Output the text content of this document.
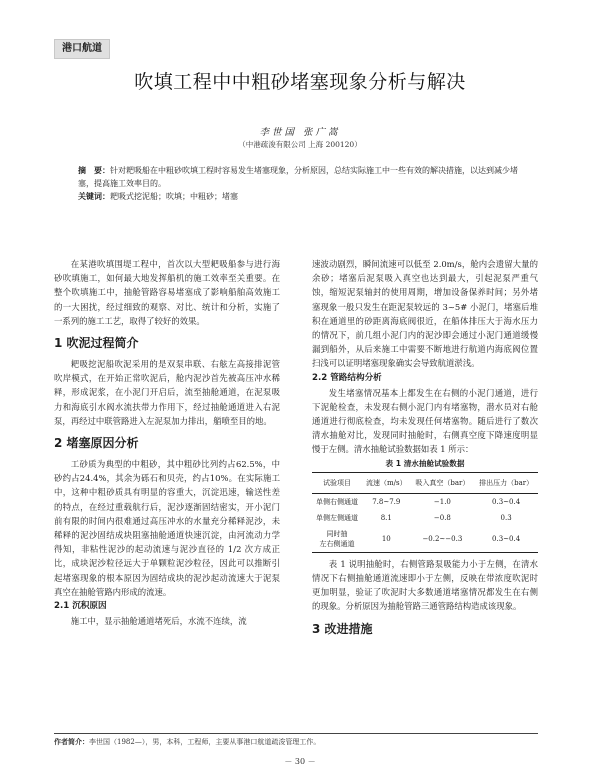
港口航道
吹填工程中中粗砂堵塞现象分析与解决
李世国 张广嵩
（中港疏浚有限公司 上海 200120）
摘　要：针对耙吸船在中粗砂吹填工程时容易发生堵塞现象，分析原因，总结实际施工中一些有效的解决措施，以达到减少堵塞，提高施工效率目的。
关键词：耙吸式挖泥船；吹填；中粗砂；堵塞

在某港吹填围堤工程中，首次以大型耙吸船参与进行海砂吹填施工，如何最大地发挥船机的施工效率至关重要。在整个吹填施工中，抽舱管路容易堵塞成了影响船舶高效施工的一大困扰，经过细致的观察、对比、统计和分析，实施了一系列的施工工艺，取得了较好的效果。

1 吹泥过程简介

耙吸挖泥船吹泥采用的是双泵串联、右舷左高接排泥管吹岸模式，在开始正常吹泥后，舱内泥沙首先被高压冲水稀释，形成泥浆，在小泥门开启后，流至抽舱通道，在泥泵吸力和海底引水阀水流扶带力作用下，经过抽舱通道进入右泥泵，再经过中联管路进入左泥泵加力排出，艏喷至目的地。

2 堵塞原因分析

工砂质为典型的中粗砂，其中粗砂比列约占62.5%，中砂约占24.4%，其余为砾石和贝壳，约占10%。在实际施工中，这种中粗砂质具有明显的容重大，沉淀迅速，输送性差的特点，在经过重载航行后，泥沙逐渐固结密实，开小泥门前有限的时间内很难通过高压冲水的水量充分稀释泥沙，未稀释的泥沙固结成块阻塞抽舱通道快速沉淀，由河流动力学得知，非粘性泥沙的起动流速与泥沙直径的 1/2 次方成正比，成块泥沙粒径远大于单颗粒泥沙粒径，因此可以推断引起堵塞现象的根本原因为固结成块的泥沙起动流速大于泥泵真空在抽舱管路内形成的流速。

2.1 沉积原因

施工中，显示抽舱通道堵死后，水流不连续，流

速波动剧烈，瞬间流速可以低至 2.0m/s，舱内会遗留大量的余砂；堵塞后泥泵吸入真空也达到最大，引起泥泵严重气蚀，缩短泥泵轴封的使用周期，增加设备保养时间；另外堵塞现象一般只发生在距泥泵较远的 3~5# 小泥门，堵塞后堆积在通道里的砂距离海底阀很近，在船体排压大于海水压力的情况下，前几组小泥门内的泥沙即会通过小泥门通道缓慢漏到船外，从后来施工中需要不断地进行航道内海底阀位置扫浅可以证明堵塞现象确实会导致航道淤浅。

2.2 管路结构分析

发生堵塞情况基本上都发生在右侧的小泥门通道，进行下泥舱检查，未发现右侧小泥门内有堵塞物，潜水员对右舱通道进行彻底检查，均未发现任何堵塞物。随后进行了数次清水抽舱对比，发现同时抽舱时，右侧真空度下降速度明显慢于左侧。清水抽舱试验数据如表 1 所示：

表 1 清水抽舱试验数据
试验项目	流速（m/s）	吸入真空（bar）	排出压力（bar）
单侧右侧通道	7.8~7.9	−1.0	0.3~0.4
单侧左侧通道	8.1	−0.8	0.3
同时抽
左右侧通道	10	−0.2~−0.3	0.3~0.4

表 1 说明抽舱时，右侧管路泵吸能力小于左侧，在清水情况下右侧抽舱通道流速即小于左侧，反映在带浓度吹泥时更加明显，验证了吹泥时大多数通道堵塞情况都发生在右侧的现象。分析原因为抽舱管路三通管路结构造成该现象。

3 改进措施
作者简介：李世国（1982—），男，本科，工程师，主要从事港口航道疏浚管理工作。
－ 30 －
